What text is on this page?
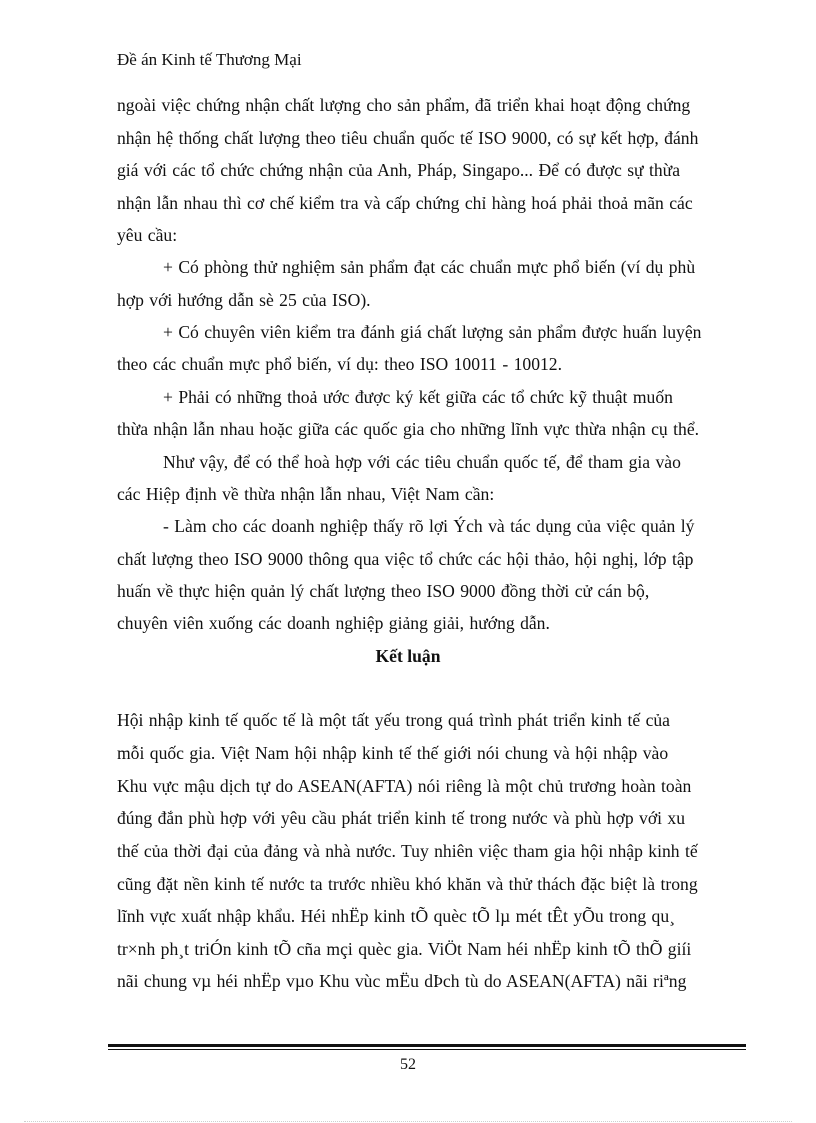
Đề án Kinh tế Thương Mại
ngoài việc chứng nhận chất lượng cho sản phẩm, đã triển khai hoạt động chứng
nhận hệ thống chất lượng theo tiêu chuẩn quốc tế ISO 9000, có sự kết hợp, đánh
giá với các tổ chức chứng nhận của Anh, Pháp, Singapo... Để có được sự thừa
nhận lẫn nhau thì cơ chế kiểm tra và cấp chứng chỉ hàng hoá phải thoả mãn các
yêu cầu:
+ Có phòng thử nghiệm sản phẩm đạt các chuẩn mực phổ biến (ví dụ phù
hợp với hướng dẫn sè 25 của ISO).
+ Có chuyên viên kiểm tra đánh giá chất lượng sản phẩm được huấn luyện
theo các chuẩn mực phổ biến, ví dụ: theo ISO 10011 - 10012.
+ Phải có những thoả ước được ký kết giữa các tổ chức kỹ thuật muốn
thừa nhận lẫn nhau hoặc giữa các quốc gia cho những lĩnh vực thừa nhận cụ thể.
Như vậy, để có thể hoà hợp với các tiêu chuẩn quốc tế, để tham gia vào
các Hiệp định về thừa nhận lẫn nhau, Việt Nam cần:
- Làm cho các doanh nghiệp thấy rõ lợi Ých và tác dụng của việc quản lý
chất lượng theo ISO 9000 thông qua việc tổ chức các hội thảo, hội nghị, lớp tập
huấn về thực hiện quản lý chất lượng theo ISO 9000 đồng thời cử cán bộ,
chuyên viên xuống các doanh nghiệp giảng giải, hướng dẫn.
Kết luận
Hội nhập kinh tế quốc tế là một tất yếu trong quá trình phát triển kinh tế của
mỗi quốc gia. Việt Nam hội nhập kinh tế thế giới nói chung và hội nhập vào
Khu vực mậu dịch tự do ASEAN(AFTA) nói riêng là một chủ trương hoàn toàn
đúng đắn phù hợp với yêu cầu phát triển kinh tế trong nước và phù hợp với xu
thế của thời đại của đảng và nhà nước. Tuy nhiên việc tham gia hội nhập kinh tế
cũng đặt nền kinh tế nước ta trước nhiều khó khăn và thử thách đặc biệt là trong
lĩnh vực xuất nhập khẩu. Héi nhËp kinh tÕ quèc tÕ lµ mét tÊt yÕu trong qu¸
tr×nh ph¸t triÓn kinh tÕ cña mçi quèc gia. ViÖt Nam héi nhËp kinh tÕ thÕ giíi
nãi chung vµ héi nhËp vµo Khu vùc mËu dÞch tù do ASEAN(AFTA) nãi riªng
52
